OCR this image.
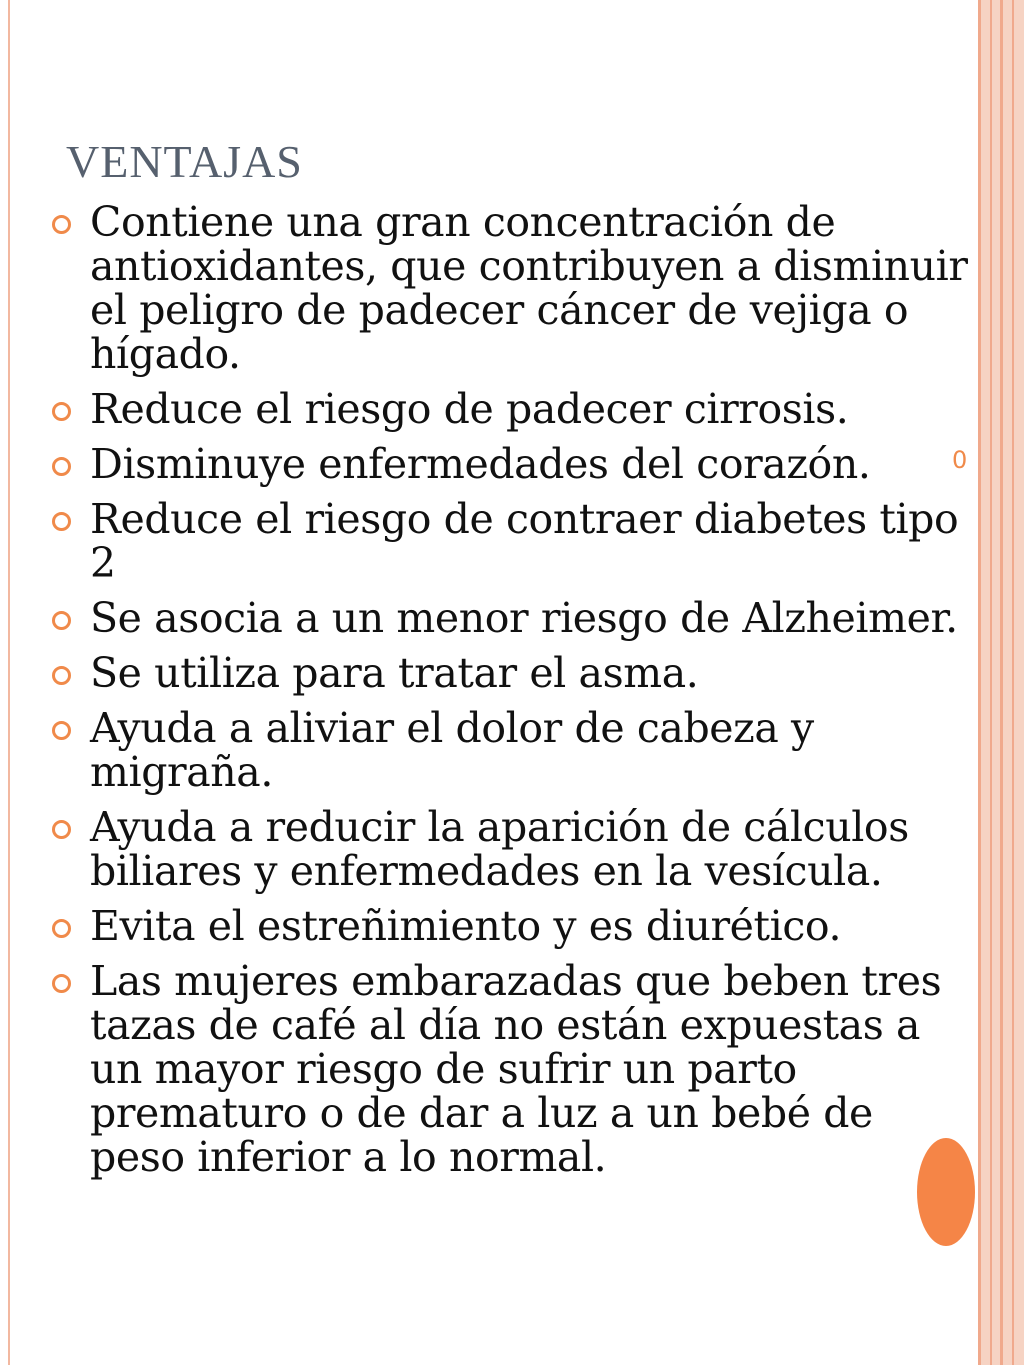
VENTAJAS
Contiene una gran concentración de antioxidantes, que contribuyen a disminuir el peligro de padecer cáncer de vejiga o hígado.
Reduce el riesgo de padecer cirrosis.
Disminuye enfermedades del corazón.
Reduce el riesgo de contraer diabetes tipo 2
Se asocia a un menor riesgo de Alzheimer.
Se utiliza para tratar el asma.
Ayuda a aliviar el dolor de cabeza y migraña.
Ayuda a reducir la aparición de cálculos biliares y enfermedades en la vesícula.
Evita el estreñimiento y es diurético.
Las mujeres embarazadas que beben tres tazas de café al día no están expuestas a un mayor riesgo de sufrir un parto prematuro o de dar a luz a un bebé de peso inferior a lo normal.
0
